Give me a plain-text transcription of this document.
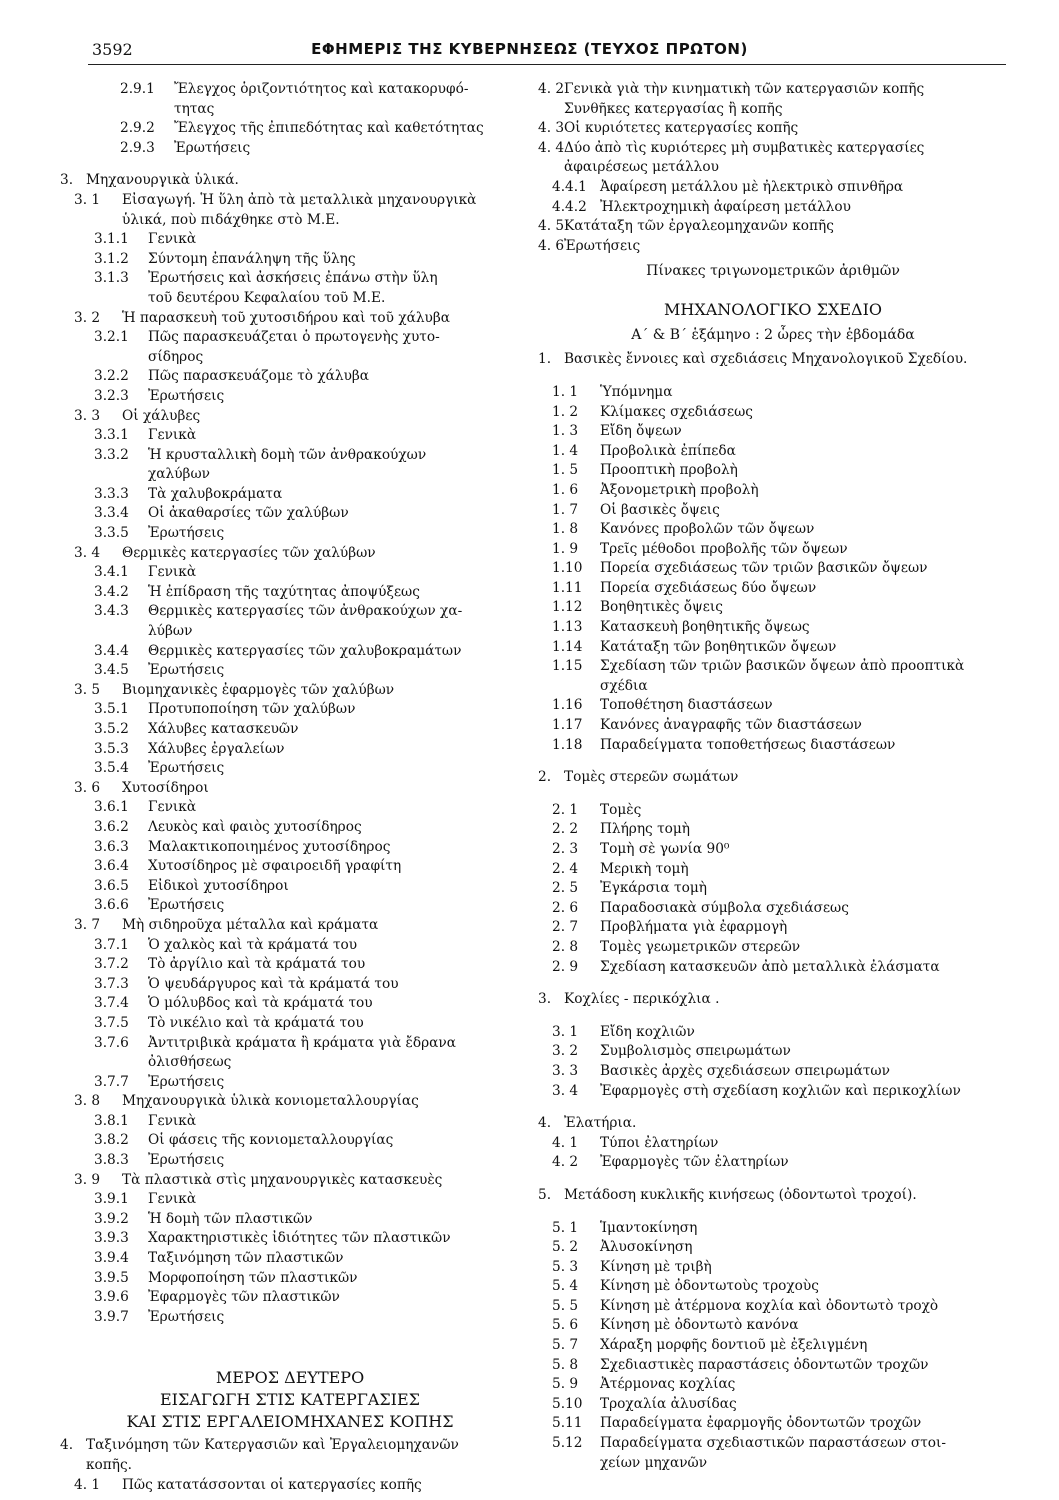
3592	ΕΦΗΜΕΡΙΣ ΤΗΣ ΚΥΒΕΡΝΗΣΕΩΣ (ΤΕΥΧΟΣ ΠΡΩΤΟΝ)
2.9.1 Ἔλεγχος ὁριζοντιότητος καὶ κατακορυφό-
τητας
2.9.2 Ἔλεγχος τῆς ἐπιπεδότητας καὶ καθετότητας
2.9.3 Ἐρωτήσεις
3. Μηχανουργικὰ ὑλικά.
3. 1 Εἰσαγωγή. Ἡ ὕλη ἀπὸ τὰ μεταλλικὰ μηχανουργικὰ
ὑλικά, ποὺ πιδάχθηκε στὸ Μ.Ε.
3.1.1 Γενικὰ
3.1.2 Σύντομη ἐπανάληψη τῆς ὕλης
3.1.3 Ἐρωτήσεις καὶ ἀσκήσεις ἐπάνω στὴν ὕλη
τοῦ δευτέρου Κεφαλαίου τοῦ Μ.Ε.
3. 2 Ἡ παρασκευὴ τοῦ χυτοσιδήρου καὶ τοῦ χάλυβα
3.2.1 Πῶς παρασκευάζεται ὁ πρωτογενὴς χυτο-
σίδηρος
3.2.2 Πῶς παρασκευάζομε τὸ χάλυβα
3.2.3 Ἐρωτήσεις
3. 3 Οἱ χάλυβες
3.3.1 Γενικὰ
3.3.2 Ἡ κρυσταλλικὴ δομὴ τῶν ἀνθρακούχων
χαλύβων
3.3.3 Τὰ χαλυβοκράματα
3.3.4 Οἱ ἀκαθαρσίες τῶν χαλύβων
3.3.5 Ἐρωτήσεις
3. 4 Θερμικὲς κατεργασίες τῶν χαλύβων
3.4.1 Γενικὰ
3.4.2 Ἡ ἐπίδραση τῆς ταχύτητας ἀποψύξεως
3.4.3 Θερμικὲς κατεργασίες τῶν ἀνθρακούχων χα-
λύβων
3.4.4 Θερμικὲς κατεργασίες τῶν χαλυβοκραμάτων
3.4.5 Ἐρωτήσεις
3. 5 Βιομηχανικὲς ἐφαρμογὲς τῶν χαλύβων
3.5.1 Προτυποποίηση τῶν χαλύβων
3.5.2 Χάλυβες κατασκευῶν
3.5.3 Χάλυβες ἐργαλείων
3.5.4 Ἐρωτήσεις
3. 6 Χυτοσίδηροι
3.6.1 Γενικὰ
3.6.2 Λευκὸς καὶ φαιὸς χυτοσίδηρος
3.6.3 Μαλακτικοποιημένος χυτοσίδηρος
3.6.4 Χυτοσίδηρος μὲ σφαιροειδῆ γραφίτη
3.6.5 Εἰδικοὶ χυτοσίδηροι
3.6.6 Ἐρωτήσεις
3. 7 Μὴ σιδηροῦχα μέταλλα καὶ κράματα
3.7.1 Ὁ χαλκὸς καὶ τὰ κράματά του
3.7.2 Τὸ ἀργίλιο καὶ τὰ κράματά του
3.7.3 Ὁ ψευδάργυρος καὶ τὰ κράματά του
3.7.4 Ὁ μόλυβδος καὶ τὰ κράματά του
3.7.5 Τὸ νικέλιο καὶ τὰ κράματά του
3.7.6 Ἀντιτριβικὰ κράματα ἢ κράματα γιὰ ἔδρανα
ὀλισθήσεως
3.7.7 Ἐρωτήσεις
3. 8 Μηχανουργικὰ ὑλικὰ κονιομεταλλουργίας
3.8.1 Γενικὰ
3.8.2 Οἱ φάσεις τῆς κονιομεταλλουργίας
3.8.3 Ἐρωτήσεις
3. 9 Τὰ πλαστικὰ στὶς μηχανουργικὲς κατασκευὲς
3.9.1 Γενικὰ
3.9.2 Ἡ δομὴ τῶν πλαστικῶν
3.9.3 Χαρακτηριστικὲς ἰδιότητες τῶν πλαστικῶν
3.9.4 Ταξινόμηση τῶν πλαστικῶν
3.9.5 Μορφοποίηση τῶν πλαστικῶν
3.9.6 Ἐφαρμογὲς τῶν πλαστικῶν
3.9.7 Ἐρωτήσεις
ΜΕΡΟΣ ΔΕΥΤΕΡΟ
ΕΙΣΑΓΩΓΗ ΣΤΙΣ ΚΑΤΕΡΓΑΣΙΕΣ
ΚΑΙ ΣΤΙΣ ΕΡΓΑΛΕΙΟΜΗΧΑΝΕΣ ΚΟΠΗΣ
4. Ταξινόμηση τῶν Κατεργασιῶν καὶ Ἐργαλειομηχανῶν
κοπῆς.
4. 1 Πῶς κατατάσσονται οἱ κατεργασίες κοπῆς
4. 2Γενικὰ γιὰ τὴν κινηματικὴ τῶν κατεργασιῶν κοπῆς
Συνθῆκες κατεργασίας ἢ κοπῆς
4. 3Οἱ κυριότετες κατεργασίες κοπῆς
4. 4Δύο ἀπὸ τὶς κυριότερες μὴ συμβατικὲς κατεργασίες
ἀφαιρέσεως μετάλλου
4.4.1 Ἀφαίρεση μετάλλου μὲ ἠλεκτρικὸ σπινθῆρα
4.4.2 Ἠλεκτροχημικὴ ἀφαίρεση μετάλλου
4. 5Κατάταξη τῶν ἐργαλεομηχανῶν κοπῆς
4. 6Ἐρωτήσεις
Πίνακες τριγωνομετρικῶν ἀριθμῶν
ΜΗΧΑΝΟΛΟΓΙΚΟ ΣΧΕΔΙΟ
Α΄ & Β΄ ἑξάμηνο : 2 ὧρες τὴν ἑβδομάδα
1. Βασικὲς ἔννοιες καὶ σχεδιάσεις Μηχανολογικοῦ Σχεδίου.
1. 1 Ὑπόμνημα
1. 2 Κλίμακες σχεδιάσεως
1. 3 Εἴδη ὄψεων
1. 4 Προβολικὰ ἐπίπεδα
1. 5 Προοπτικὴ προβολὴ
1. 6 Ἀξονομετρικὴ προβολὴ
1. 7 Οἱ βασικὲς ὄψεις
1. 8 Κανόνες προβολῶν τῶν ὄψεων
1. 9 Τρεῖς μέθοδοι προβολῆς τῶν ὄψεων
1.10 Πορεία σχεδιάσεως τῶν τριῶν βασικῶν ὄψεων
1.11 Πορεία σχεδιάσεως δύο ὄψεων
1.12 Βοηθητικὲς ὄψεις
1.13 Κατασκευὴ βοηθητικῆς ὄψεως
1.14 Κατάταξη τῶν βοηθητικῶν ὄψεων
1.15 Σχεδίαση τῶν τριῶν βασικῶν ὄψεων ἀπὸ προοπτικὰ
σχέδια
1.16 Τοποθέτηση διαστάσεων
1.17 Κανόνες ἀναγραφῆς τῶν διαστάσεων
1.18 Παραδείγματα τοποθετήσεως διαστάσεων
2. Τομὲς στερεῶν σωμάτων
2. 1 Τομὲς
2. 2 Πλήρης τομὴ
2. 3 Τομὴ σὲ γωνία 90⁰
2. 4 Μερικὴ τομὴ
2. 5 Ἐγκάρσια τομὴ
2. 6 Παραδοσιακὰ σύμβολα σχεδιάσεως
2. 7 Προβλήματα γιὰ ἐφαρμογὴ
2. 8 Τομὲς γεωμετρικῶν στερεῶν
2. 9 Σχεδίαση κατασκευῶν ἀπὸ μεταλλικὰ ἐλάσματα
3. Κοχλίες - περικόχλια .
3. 1 Εἴδη κοχλιῶν
3. 2 Συμβολισμὸς σπειρωμάτων
3. 3 Βασικὲς ἀρχὲς σχεδιάσεων σπειρωμάτων
3. 4 Ἐφαρμογὲς στὴ σχεδίαση κοχλιῶν καὶ περικοχλίων
4. Ἐλατήρια.
4. 1 Τύποι ἐλατηρίων
4. 2 Ἐφαρμογὲς τῶν ἐλατηρίων
5. Μετάδοση κυκλικῆς κινήσεως (ὀδοντωτοὶ τροχοί).
5. 1 Ἱμαντοκίνηση
5. 2 Ἀλυσοκίνηση
5. 3 Κίνηση μὲ τριβὴ
5. 4 Κίνηση μὲ ὀδοντωτοὺς τροχοὺς
5. 5 Κίνηση μὲ ἀτέρμονα κοχλία καὶ ὀδοντωτὸ τροχὸ
5. 6 Κίνηση μὲ ὀδοντωτὸ κανόνα
5. 7 Χάραξη μορφῆς δοντιοῦ μὲ ἐξελιγμένη
5. 8 Σχεδιαστικὲς παραστάσεις ὀδοντωτῶν τροχῶν
5. 9 Ἀτέρμονας κοχλίας
5.10 Τροχαλία ἀλυσίδας
5.11 Παραδείγματα ἐφαρμογῆς ὀδοντωτῶν τροχῶν
5.12 Παραδείγματα σχεδιαστικῶν παραστάσεων στοι-
χείων μηχανῶν
